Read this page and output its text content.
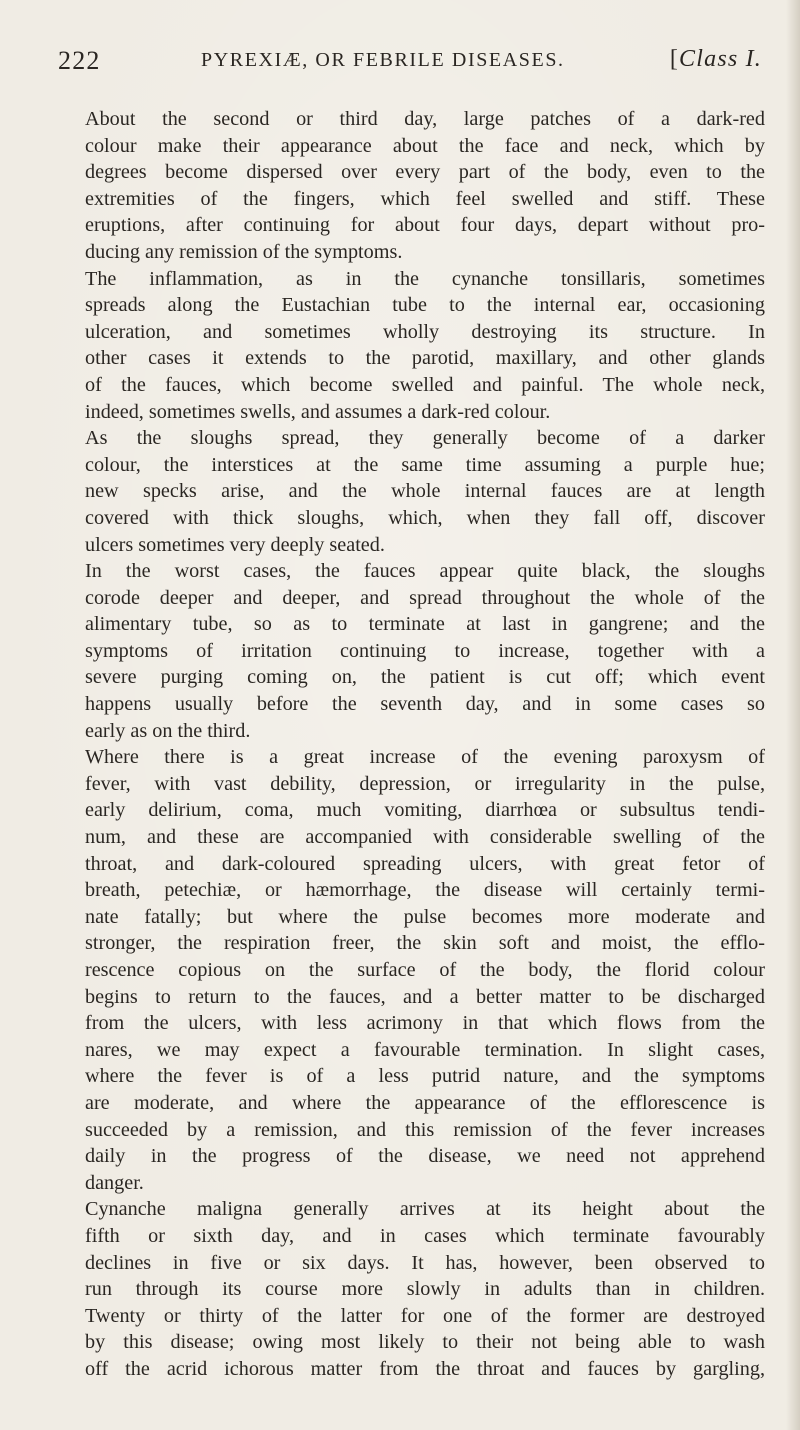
222	PYREXIÆ, OR FEBRILE DISEASES.	[Class I.
About the second or third day, large patches of a dark-red
colour make their appearance about the face and neck, which by
degrees become dispersed over every part of the body, even to the
extremities of the fingers, which feel swelled and stiff. These
eruptions, after continuing for about four days, depart without pro-
ducing any remission of the symptoms.
The inflammation, as in the cynanche tonsillaris, sometimes
spreads along the Eustachian tube to the internal ear, occasioning
ulceration, and sometimes wholly destroying its structure. In
other cases it extends to the parotid, maxillary, and other glands
of the fauces, which become swelled and painful. The whole neck,
indeed, sometimes swells, and assumes a dark-red colour.
As the sloughs spread, they generally become of a darker
colour, the interstices at the same time assuming a purple hue;
new specks arise, and the whole internal fauces are at length
covered with thick sloughs, which, when they fall off, discover
ulcers sometimes very deeply seated.
In the worst cases, the fauces appear quite black, the sloughs
corode deeper and deeper, and spread throughout the whole of the
alimentary tube, so as to terminate at last in gangrene; and the
symptoms of irritation continuing to increase, together with a
severe purging coming on, the patient is cut off; which event
happens usually before the seventh day, and in some cases so
early as on the third.
Where there is a great increase of the evening paroxysm of
fever, with vast debility, depression, or irregularity in the pulse,
early delirium, coma, much vomiting, diarrhœa or subsultus tendi-
num, and these are accompanied with considerable swelling of the
throat, and dark-coloured spreading ulcers, with great fetor of
breath, petechiæ, or hæmorrhage, the disease will certainly termi-
nate fatally; but where the pulse becomes more moderate and
stronger, the respiration freer, the skin soft and moist, the efflo-
rescence copious on the surface of the body, the florid colour
begins to return to the fauces, and a better matter to be discharged
from the ulcers, with less acrimony in that which flows from the
nares, we may expect a favourable termination. In slight cases,
where the fever is of a less putrid nature, and the symptoms
are moderate, and where the appearance of the efflorescence is
succeeded by a remission, and this remission of the fever increases
daily in the progress of the disease, we need not apprehend
danger.
Cynanche maligna generally arrives at its height about the
fifth or sixth day, and in cases which terminate favourably
declines in five or six days. It has, however, been observed to
run through its course more slowly in adults than in children.
Twenty or thirty of the latter for one of the former are destroyed
by this disease; owing most likely to their not being able to wash
off the acrid ichorous matter from the throat and fauces by gargling,
